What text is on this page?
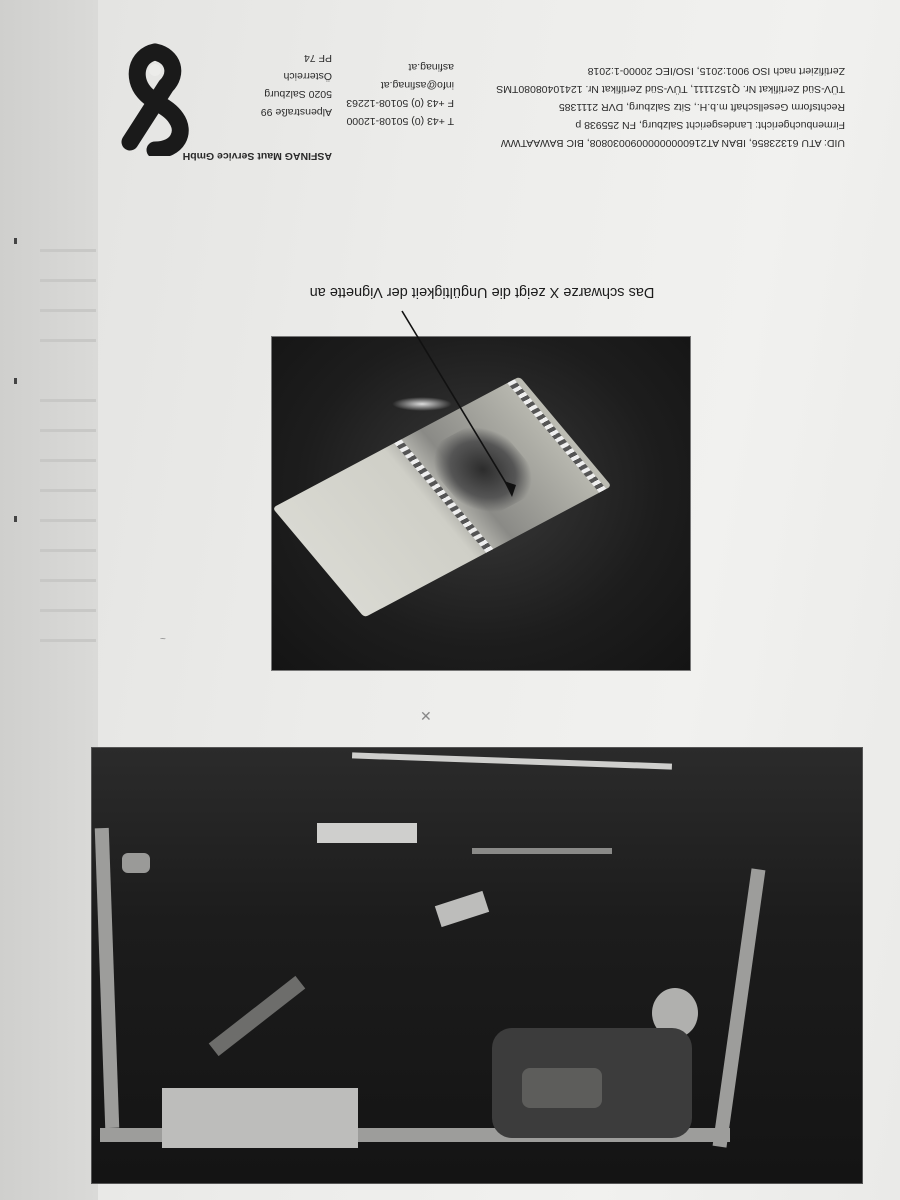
ASFINAG Maut Service GmbH
Alpenstraße 99
5020 Salzburg
Österreich
PF 74
T +43 (0) 50108-12000
F +43 (0) 50108-12263
info@asfinag.at
asfinag.at
UID: ATU 61323856, IBAN AT21600000000090030808, BIC BAWAATWW
Firmenbuchgericht: Landesgericht Salzburg, FN 255938 p
Rechtsform Gesellschaft m.b.H., Sitz Salzburg, DVR 2111385
TÜV-Süd Zertifikat Nr. Q1521111, TÜV-Süd Zertifikat Nr. 12410408080TMS
Zertifiziert nach ISO 9001:2015, ISO/IEC 20000-1:2018
Das schwarze X zeigt die Ungültigkeit der Vignette an
✕
~
